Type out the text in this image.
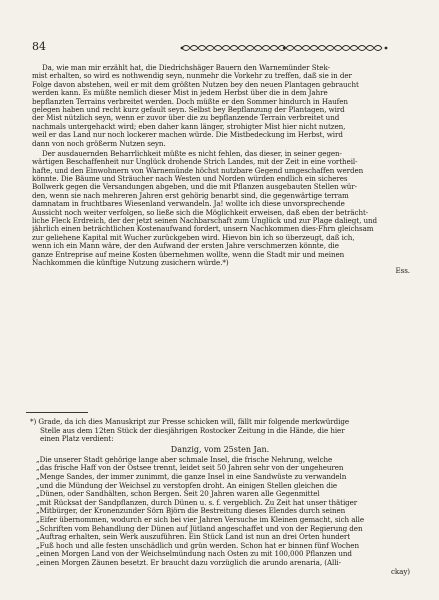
84
Da, wie man mir erzählt hat, die Diedrichshäger Bauern den Warnemünder Stek-
mist erhalten, so wird es nothwendig seyn, nunmehr die Vorkehr zu treffen, daß sie in der
Folge davon abstehen, weil er mit dem größten Nutzen bey den neuen Plantagen gebraucht
werden kann. Es müßte nemlich dieser Mist in jedem Herbst über die in dem Jahre
bepflanzten Terrains verbreitet werden. Doch müßte er den Sommer hindurch in Haufen
gelegen haben und recht kurz gefault seyn. Selbst bey Bepflanzung der Plantagen, wird
der Mist nützlich seyn, wenn er zuvor über die zu bepflanzende Terrain verbreitet und
nachmals untergehackt wird; eben daher kann länger, strohigter Mist hier nicht nutzen,
weil er das Land nur noch lockerer machen würde. Die Mistbedeckung im Herbst, wird
dann von noch größerm Nutzen seyn.
Der ausdauernden Beharrlichkeit müßte es nicht fehlen, das dieser, in seiner gegen-
wärtigen Beschaffenheit nur Unglück drohende Strich Landes, mit der Zeit in eine vortheil-
hafte, und den Einwohnern von Warnemünde höchst nutzbare Gegend umgeschaffen werden
könnte. Die Bäume und Sträucher nach Westen und Norden würden endlich ein sicheres
Bollwerk gegen die Versandungen abgeben, und die mit Pflanzen ausgebauten Stellen wür-
den, wenn sie nach mehreren Jahren erst gehörig benarbt sind, die gegenwärtige terram
damnatam in fruchtbares Wiesenland verwandeln. Ja! wollte ich diese unvorsprechende
Aussicht noch weiter verfolgen, so ließe sich die Möglichkeit erweisen, daß eben der beträcht-
liche Fleck Erdreich, der der jetzt seinen Nachbarschaft zum Unglück und zur Plage daliegt, und
jährlich einen beträchtlichen Kostenaufwand fordert, unsern Nachkommen dies-Fhrn gleichsam
zur geliehene Kapital mit Wucher zurückgeben wird. Hievon bin ich so überzeugt, daß ich,
wenn ich ein Mann wäre, der den Aufwand der ersten Jahre verschmerzen könnte, die
ganze Entreprise auf meine Kosten übernehmen wollte, wenn die Stadt mir und meinen
Nachkommen die künftige Nutzung zusichern würde.*)
Ess.
*) Grade, da ich dies Manuskript zur Presse schicken will, fällt mir folgende merkwürdige
Stelle aus dem 12ten Stück der diesjährigen Rostocker Zeitung in die Hände, die hier
einen Platz verdient:
Danzig, vom 25sten Jan.
„Die unserer Stadt gehörige lange aber schmale Insel, die frische Nehrung, welche
„das frische Haff von der Ostsee trennt, leidet seit 50 Jahren sehr von der ungeheuren
„Menge Sandes, der immer zunimmt, die ganze Insel in eine Sandwüste zu verwandeln
„und die Mündung der Weichsel zu verstopfen droht. An einigen Stellen gleichen die
„Dünen, oder Sandhälten, schon Bergen. Seit 20 Jahren waren alle Gegenmittel
„mit Rücksat der Sandpflanzen, durch Dünen u. s. f. vergeblich. Zu Zeit hat unser thätiger
„Mitbürger, der Kronenzunder Sörn Björn die Bestreitung dieses Elendes durch seinen
„Eifer übernommen, wodurch er sich bei vier Jahren Versuche im Kleinen gemacht, sich alle
„Schriften vom Behandlung der Dünen auf Jütland angeschaffet und von der Regierung den
„Auftrag erhalten, sein Werk auszuführen. Ein Stück Land ist nun an drei Orten hundert
„Fuß hoch und alle festen unschädlich und grün werden. Schon hat er binnen fünf Wochen
„einen Morgen Land von der Weichselmündung nach Osten zu mit 100,000 Pflanzen und
„einen Morgen Zäunen besetzt. Er braucht dazu vorzüglich die arundo arenaria, (Alli-
ckay)
